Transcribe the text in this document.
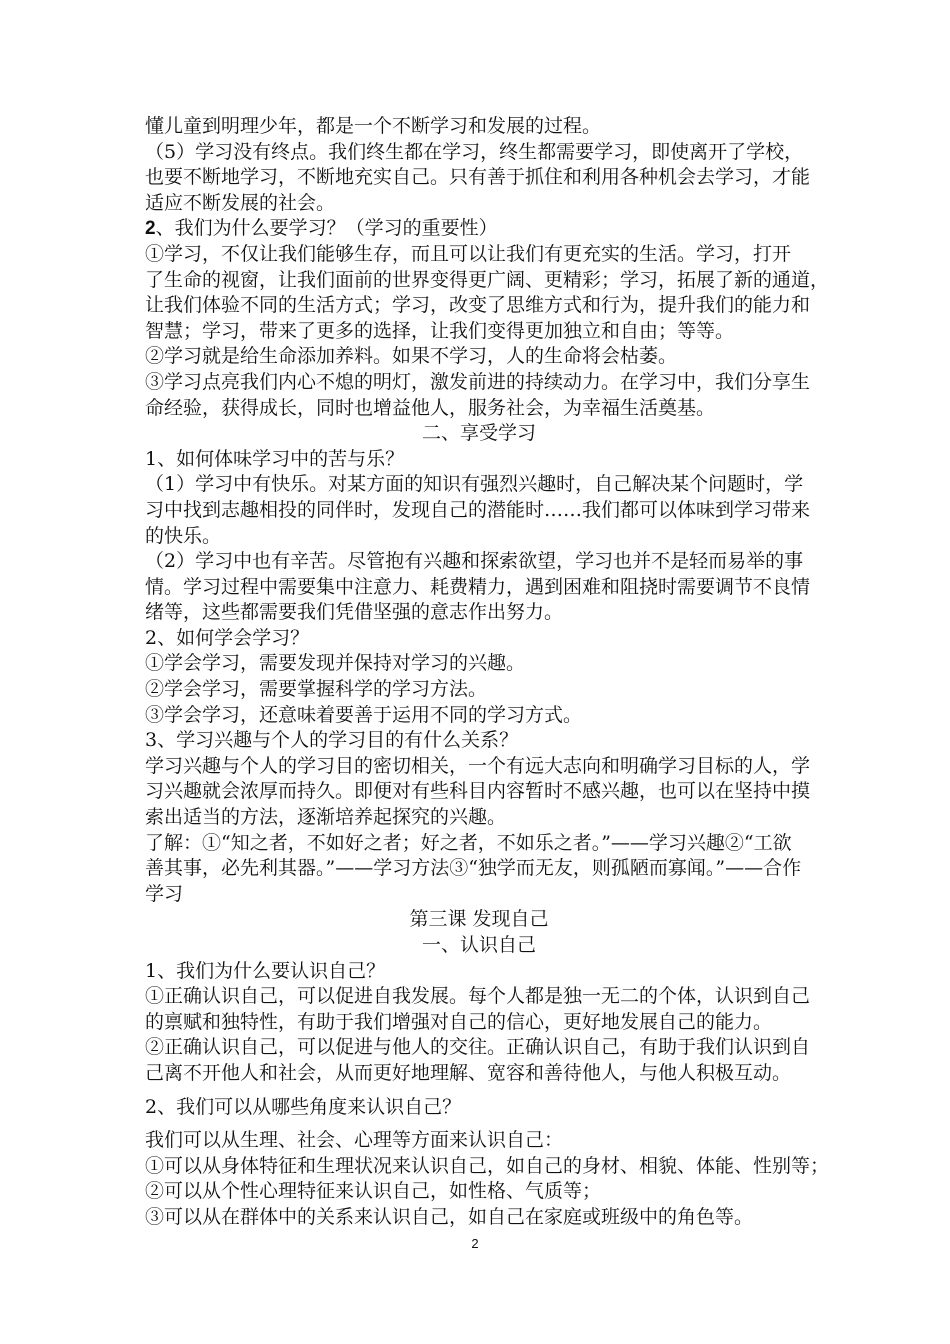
懂儿童到明理少年，都是一个不断学习和发展的过程。

（5）学习没有终点。我们终生都在学习，终生都需要学习，即使离开了学校，

也要不断地学习，不断地充实自己。只有善于抓住和利用各种机会去学习，才能

适应不断发展的社会。

2、我们为什么要学习？（学习的重要性）

①学习，不仅让我们能够生存，而且可以让我们有更充实的生活。学习，打开

了生命的视窗，让我们面前的世界变得更广阔、更精彩；学习，拓展了新的通道，

让我们体验不同的生活方式；学习，改变了思维方式和行为，提升我们的能力和

智慧；学习，带来了更多的选择，让我们变得更加独立和自由；等等。

②学习就是给生命添加养料。如果不学习，人的生命将会枯萎。

③学习点亮我们内心不熄的明灯，激发前进的持续动力。在学习中，我们分享生

命经验，获得成长，同时也增益他人，服务社会，为幸福生活奠基。

二、享受学习

1、如何体味学习中的苦与乐？

（1）学习中有快乐。对某方面的知识有强烈兴趣时，自己解决某个问题时，学

习中找到志趣相投的同伴时，发现自己的潜能时……我们都可以体味到学习带来

的快乐。

（2）学习中也有辛苦。尽管抱有兴趣和探索欲望，学习也并不是轻而易举的事

情。学习过程中需要集中注意力、耗费精力，遇到困难和阻挠时需要调节不良情

绪等，这些都需要我们凭借坚强的意志作出努力。

2、如何学会学习？

①学会学习，需要发现并保持对学习的兴趣。

②学会学习，需要掌握科学的学习方法。

③学会学习，还意味着要善于运用不同的学习方式。

3、学习兴趣与个人的学习目的有什么关系？

学习兴趣与个人的学习目的密切相关，一个有远大志向和明确学习目标的人，学

习兴趣就会浓厚而持久。即便对有些科目内容暂时不感兴趣，也可以在坚持中摸

索出适当的方法，逐渐培养起探究的兴趣。

了解：①“知之者，不如好之者；好之者，不如乐之者。”——学习兴趣②“工欲

善其事，必先利其器。”——学习方法③“独学而无友，则孤陋而寡闻。”——合作

学习

第三课 发现自己

一、认识自己

1、我们为什么要认识自己？

①正确认识自己，可以促进自我发展。每个人都是独一无二的个体，认识到自己

的禀赋和独特性，有助于我们增强对自己的信心，更好地发展自己的能力。

②正确认识自己，可以促进与他人的交往。正确认识自己，有助于我们认识到自

己离不开他人和社会，从而更好地理解、宽容和善待他人，与他人积极互动。

2、我们可以从哪些角度来认识自己？

我们可以从生理、社会、心理等方面来认识自己：

①可以从身体特征和生理状况来认识自己，如自己的身材、相貌、体能、性别等；

②可以从个性心理特征来认识自己，如性格、气质等；

③可以从在群体中的关系来认识自己，如自己在家庭或班级中的角色等。

2
